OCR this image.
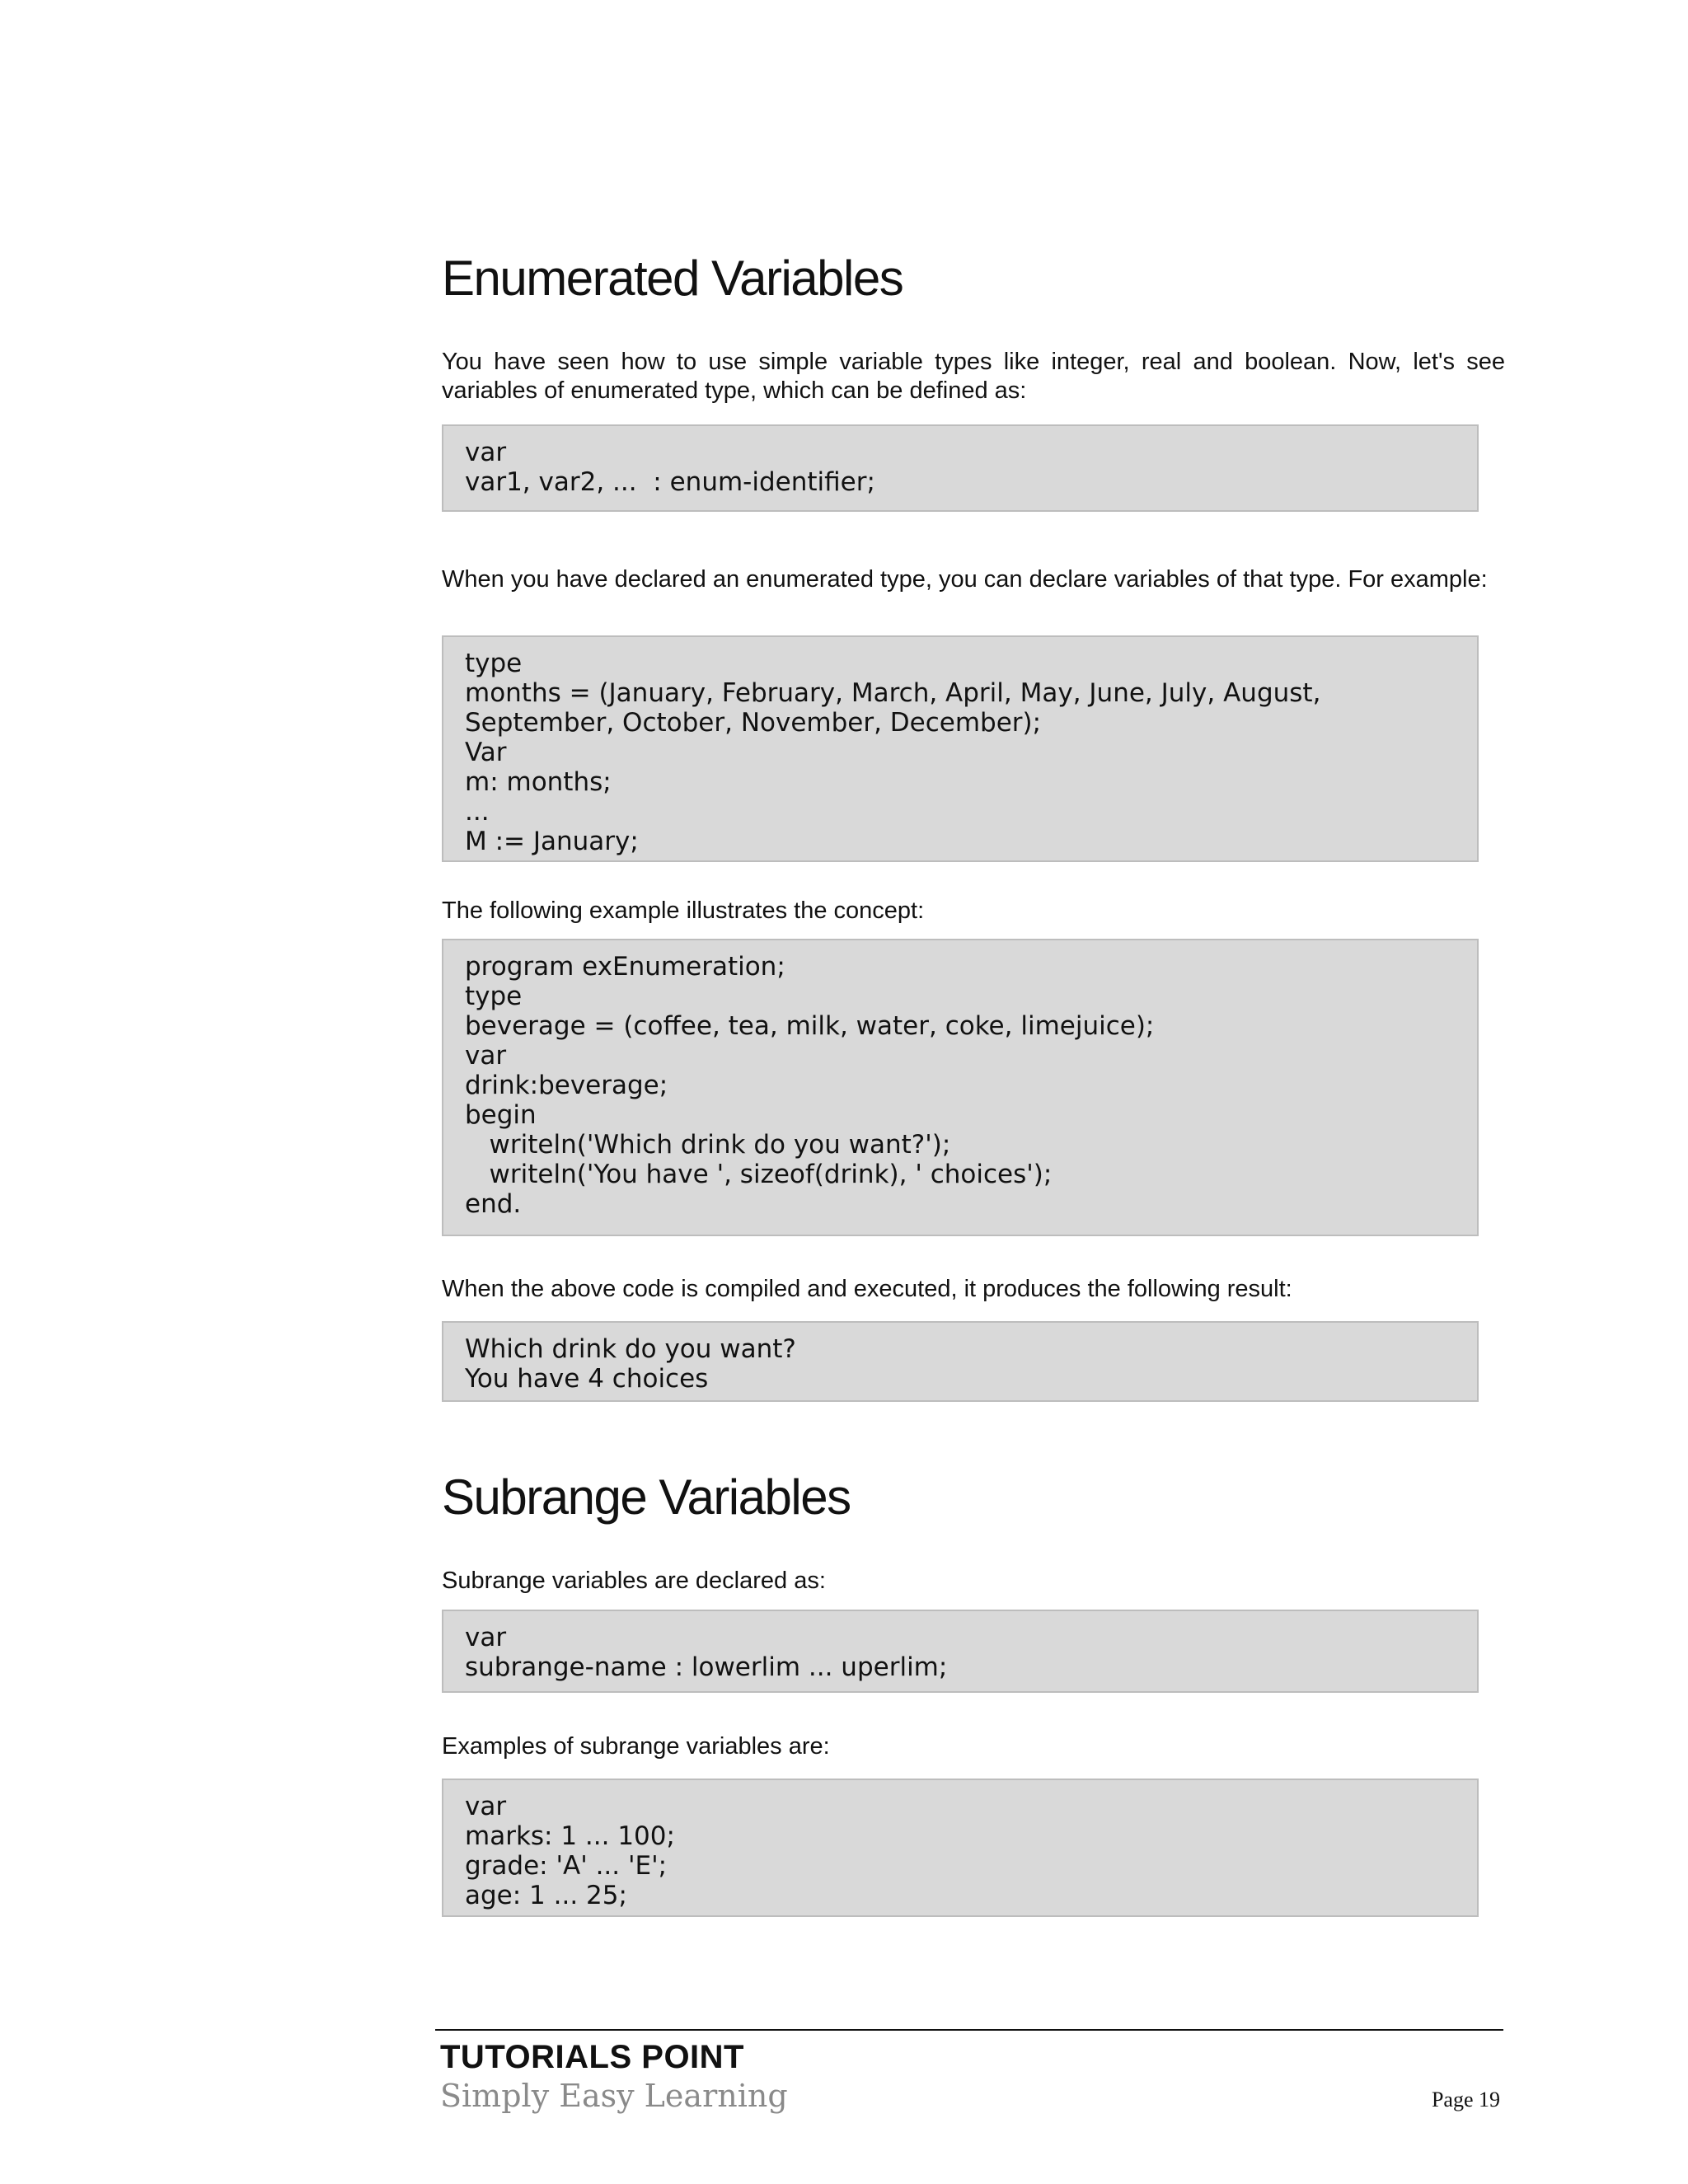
Enumerated Variables

You have seen how to use simple variable types like integer, real and boolean. Now, let's see variables of enumerated type, which can be defined as:

var
var1, var2, ...  : enum-identifier;

When you have declared an enumerated type, you can declare variables of that type. For example:

type
months = (January, February, March, April, May, June, July, August,
September, October, November, December);
Var
m: months;
...
M := January;

The following example illustrates the concept:

program exEnumeration;
type
beverage = (coffee, tea, milk, water, coke, limejuice);
var
drink:beverage;
begin
writeln('Which drink do you want?');
writeln('You have ', sizeof(drink), ' choices');
end.

When the above code is compiled and executed, it produces the following result:

Which drink do you want?
You have 4 choices
Subrange Variables

Subrange variables are declared as:

var
subrange-name : lowerlim ... uperlim;

Examples of subrange variables are:

var
marks: 1 ... 100;
grade: 'A' ... 'E';
age: 1 ... 25;
TUTORIALS POINT
Simply Easy Learning	Page 19
